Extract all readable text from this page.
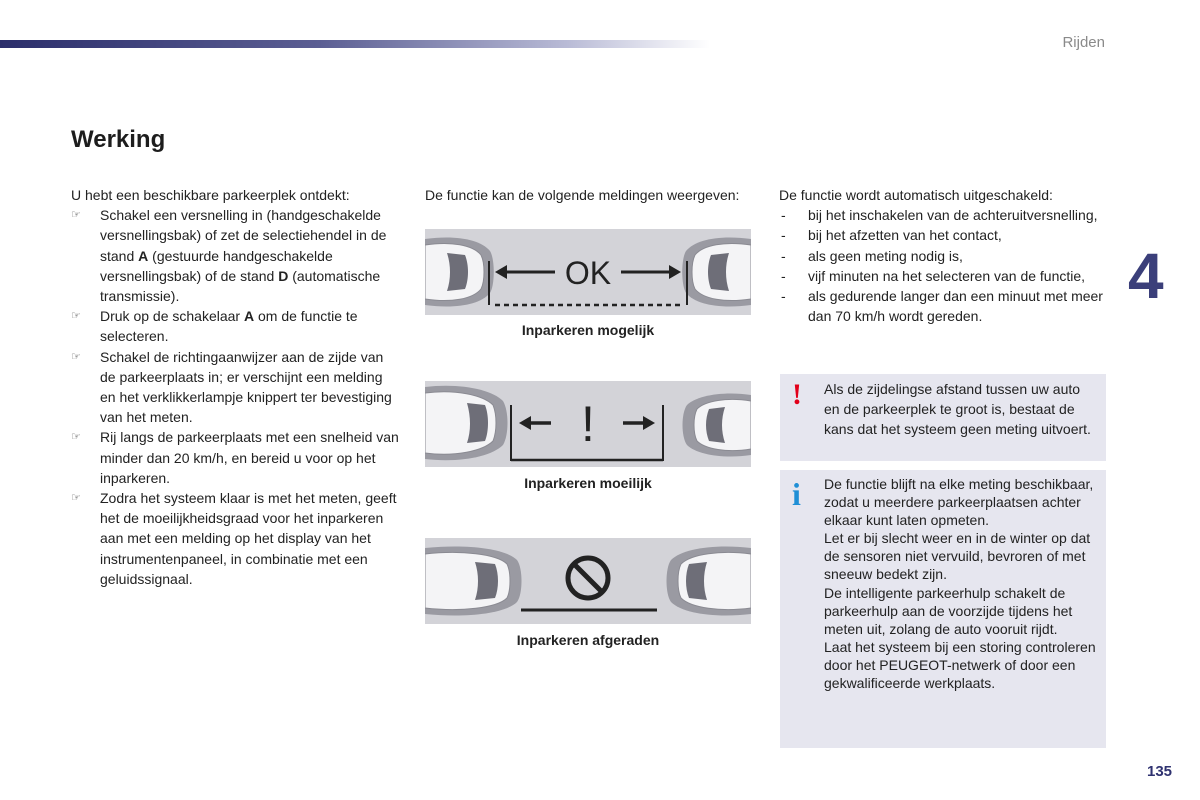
Rijden
4
Werking

U hebt een beschikbare parkeerplek ontdekt:

☞ Schakel een versnelling in (handgeschakelde versnellingsbak) of zet de selectiehendel in de stand A (gestuurde handgeschakelde versnellingsbak) of de stand D (automatische transmissie).
☞ Druk op de schakelaar A om de functie te selecteren.
☞ Schakel de richtingaanwijzer aan de zijde van de parkeerplaats in; er verschijnt een melding en het verklikkerlampje knippert ter bevestiging van het meten.
☞ Rij langs de parkeerplaats met een snelheid van minder dan 20 km/h, en bereid u voor op het inparkeren.
☞ Zodra het systeem klaar is met het meten, geeft het de moeilijkheidsgraad voor het inparkeren aan met een melding op het display van het instrumentenpaneel, in combinatie met een geluidssignaal.
De functie kan de volgende meldingen weergeven:
OK
Inparkeren mogelijk
!
Inparkeren moeilijk
Inparkeren afgeraden

De functie wordt automatisch uitgeschakeld:

- bij het inschakelen van de achteruitversnelling,
- bij het afzetten van het contact,
- als geen meting nodig is,
- vijf minuten na het selecteren van de functie,
- als gedurende langer dan een minuut met meer dan 70 km/h wordt gereden.
! Als de zijdelingse afstand tussen uw auto en de parkeerplek te groot is, bestaat de kans dat het systeem geen meting uitvoert.
i De functie blijft na elke meting beschikbaar, zodat u meerdere parkeerplaatsen achter elkaar kunt laten opmeten.

Let er bij slecht weer en in de winter op dat de sensoren niet vervuild, bevroren of met sneeuw bedekt zijn.

De intelligente parkeerhulp schakelt de parkeerhulp aan de voorzijde tijdens het meten uit, zolang de auto vooruit rijdt.

Laat het systeem bij een storing controleren door het PEUGEOT-netwerk of door een gekwalificeerde werkplaats.

135
